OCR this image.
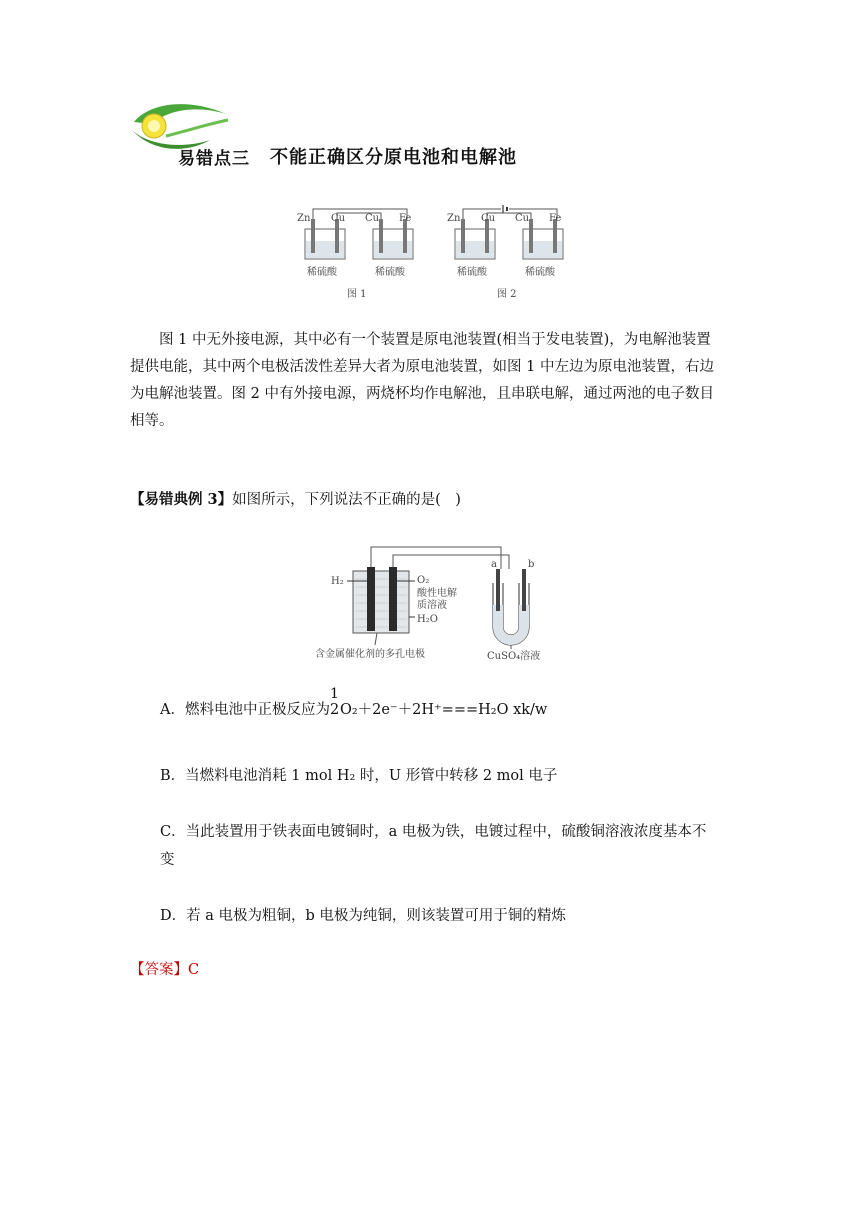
易错点三 不能正确区分原电池和电解池
Zn Cu Cu Fe
稀硫酸	稀硫酸
图 1
Zn Cu Cu Fe
稀硫酸	稀硫酸
图 2

图 1 中无外接电源，其中必有一个装置是原电池装置(相当于发电装置)，为电解池装置

提供电能，其中两个电极活泼性差异大者为原电池装置，如图 1 中左边为原电池装置，右边
为电解池装置。图 2 中有外接电源，两烧杯均作电解池，且串联电解，通过两池的电子数目
相等。
【易错典例 3】如图所示，下列说法不正确的是(　)
H₂	O₂
酸性电解
质溶液
H₂O
含金属催化剂的多孔电极
a	b
CuSO₄溶液
A．燃料电池中正极反应为
1
2O₂＋2e⁻＋2H⁺===H₂O xk/w
B．当燃料电池消耗 1 mol H₂ 时，U 形管中转移 2 mol 电子
C．当此装置用于铁表面电镀铜时，a 电极为铁，电镀过程中，硫酸铜溶液浓度基本不
变
D．若 a 电极为粗铜，b 电极为纯铜，则该装置可用于铜的精炼
【答案】C
